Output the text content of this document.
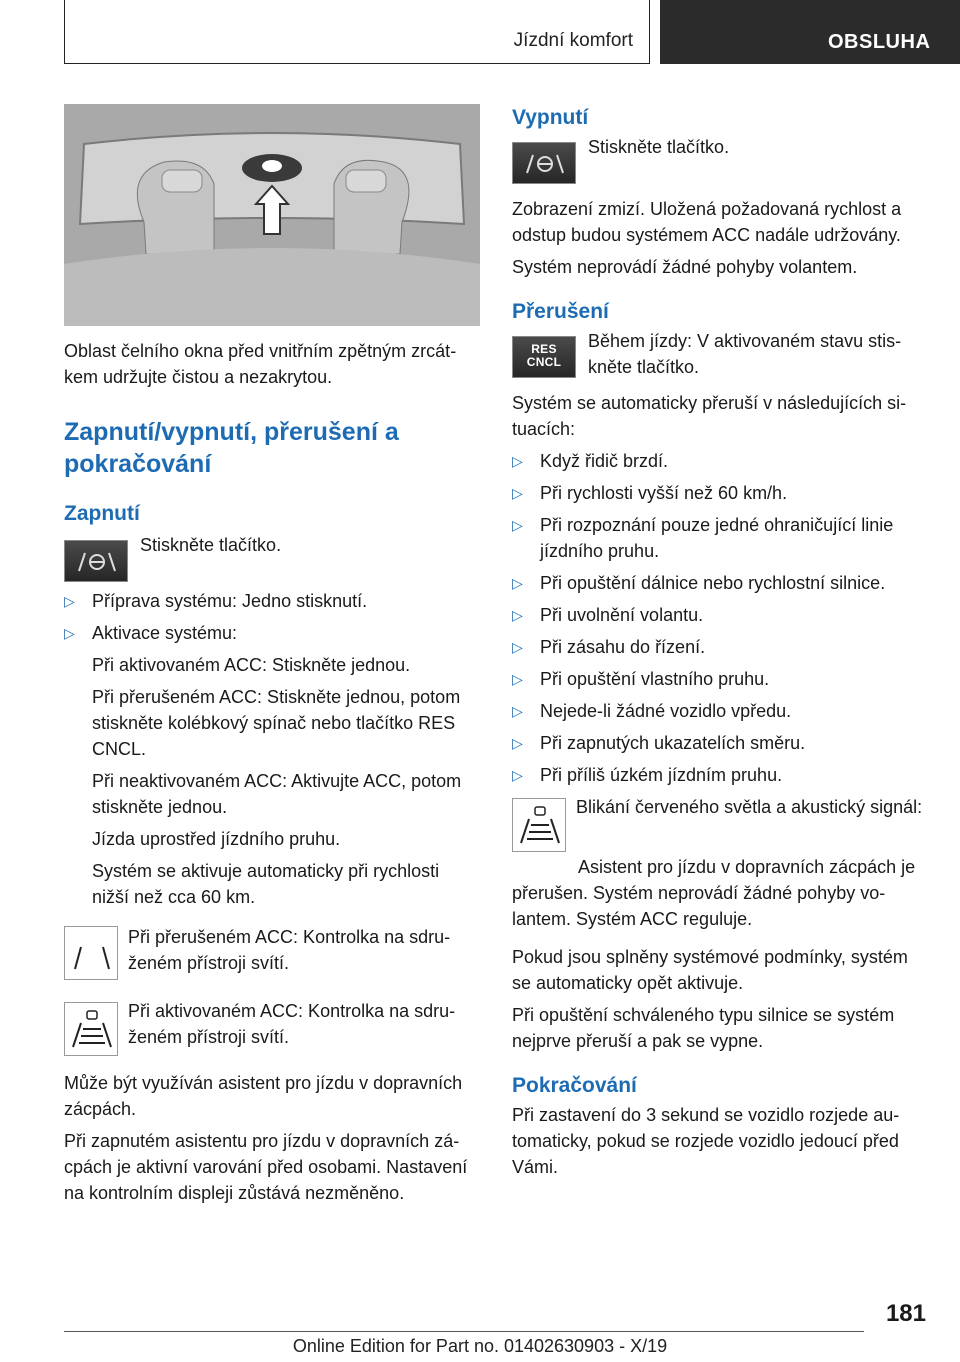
Jízdní komfort	OBSLUHA

Oblast čelního okna před vnitřním zpětným zrcátkem udržujte čistou a nezakrytou.

Zapnutí/vypnutí, přerušení a pokračování
Zapnutí

Stiskněte tlačítko.

▷ Příprava systému: Jedno stisknutí.
▷ Aktivace systému:

Při aktivovaném ACC: Stiskněte jednou.

Při přerušeném ACC: Stiskněte jednou, potom stiskněte kolébkový spínač nebo tlačítko RES CNCL.

Při neaktivovaném ACC: Aktivujte ACC, potom stiskněte jednou.

Jízda uprostřed jízdního pruhu.

Systém se aktivuje automaticky při rychlosti nižší než cca 60 km.

Při přerušeném ACC: Kontrolka na sdruženém přístroji svítí.

Při aktivovaném ACC: Kontrolka na sdruženém přístroji svítí.

Může být využíván asistent pro jízdu v dopravních zácpách.

Při zapnutém asistentu pro jízdu v dopravních zácpách je aktivní varování před osobami. Nastavení na kontrolním displeji zůstává nezměněno.

Vypnutí

Stiskněte tlačítko.

Zobrazení zmizí. Uložená požadovaná rychlost a odstup budou systémem ACC nadále udržovány.

Systém neprovádí žádné pohyby volantem.

Přerušení
RES
CNCL

Během jízdy: V aktivovaném stavu stiskněte tlačítko.

Systém se automaticky přeruší v následujících situacích:

▷ Když řidič brzdí.
▷ Při rychlosti vyšší než 60 km/h.
▷ Při rozpoznání pouze jedné ohraničující linie jízdního pruhu.
▷ Při opuštění dálnice nebo rychlostní silnice.
▷ Při uvolnění volantu.
▷ Při zásahu do řízení.
▷ Při opuštění vlastního pruhu.
▷ Nejede-li žádné vozidlo vpředu.
▷ Při zapnutých ukazatelích směru.
▷ Při příliš úzkém jízdním pruhu.

Blikání červeného světla a akustický signál:

Asistent pro jízdu v dopravních zácpách je přerušen. Systém neprovádí žádné pohyby volantem. Systém ACC reguluje.

Pokud jsou splněny systémové podmínky, systém se automaticky opět aktivuje.

Při opuštění schváleného typu silnice se systém nejprve přeruší a pak se vypne.

Pokračování

Při zastavení do 3 sekund se vozidlo rozjede automaticky, pokud se rozjede vozidlo jedoucí před Vámi.

181
Online Edition for Part no. 01402630903 - X/19
